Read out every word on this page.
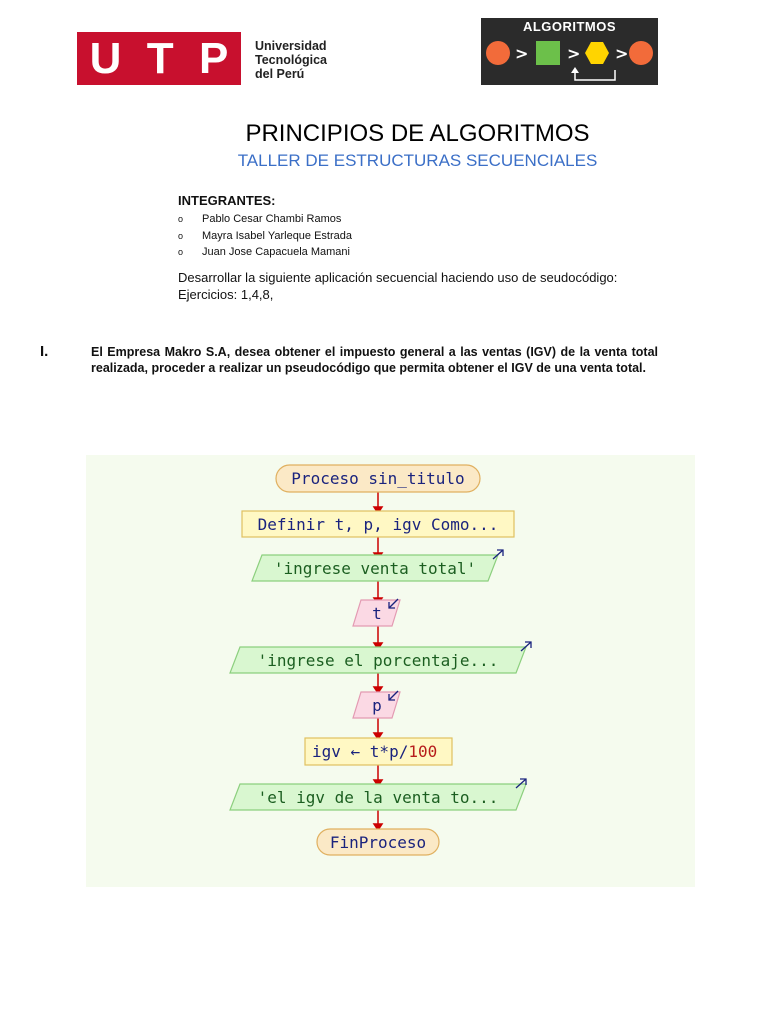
U T P Universidad
Tecnológica
del Perú
ALGORITMOS
> > >
PRINCIPIOS DE ALGORITMOS
TALLER DE ESTRUCTURAS SECUENCIALES
INTEGRANTES:
o	Pablo Cesar Chambi Ramos
o	Mayra Isabel Yarleque Estrada
o	Juan Jose Capacuela Mamani
Desarrollar la siguiente aplicación secuencial haciendo uso de seudocódigo:
Ejercicios: 1,4,8,
I.	El Empresa Makro S.A, desea obtener el impuesto general a las ventas (IGV) de la venta total realizada, proceder a realizar un pseudocódigo que permita obtener el IGV de una venta total.
Proceso sin_titulo
Definir t, p, igv Como...
'ingrese venta total'
t
'ingrese el porcentaje...
p
igv ← t*p/100
'el igv de la venta to...
FinProceso
